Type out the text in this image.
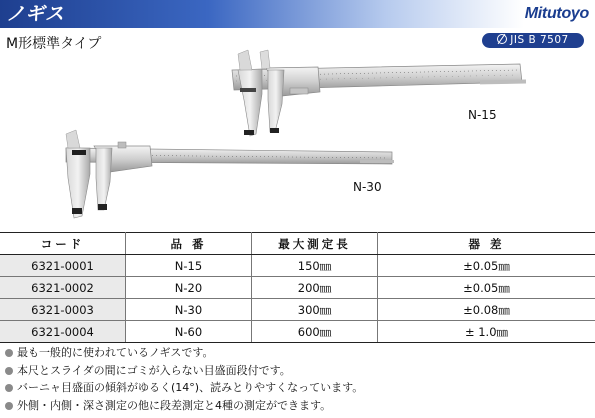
ノギス	Mitutoyo
M形標準タイプ	JIS B 7507
N-15
N-30
コード	品 番	最大測定長	器 差
6321-0001	N-15	150㎜	±0.05㎜
6321-0002	N-20	200㎜	±0.05㎜
6321-0003	N-30	300㎜	±0.08㎜
6321-0004	N-60	600㎜	± 1.0㎜
最も一般的に使われているノギスです。
本尺とスライダの間にゴミが入らない目盛面段付です。
バーニャ目盛面の傾斜がゆるく(14°)、読みとりやすくなっています。
外側・内側・深さ測定の他に段差測定と4種の測定ができます。
